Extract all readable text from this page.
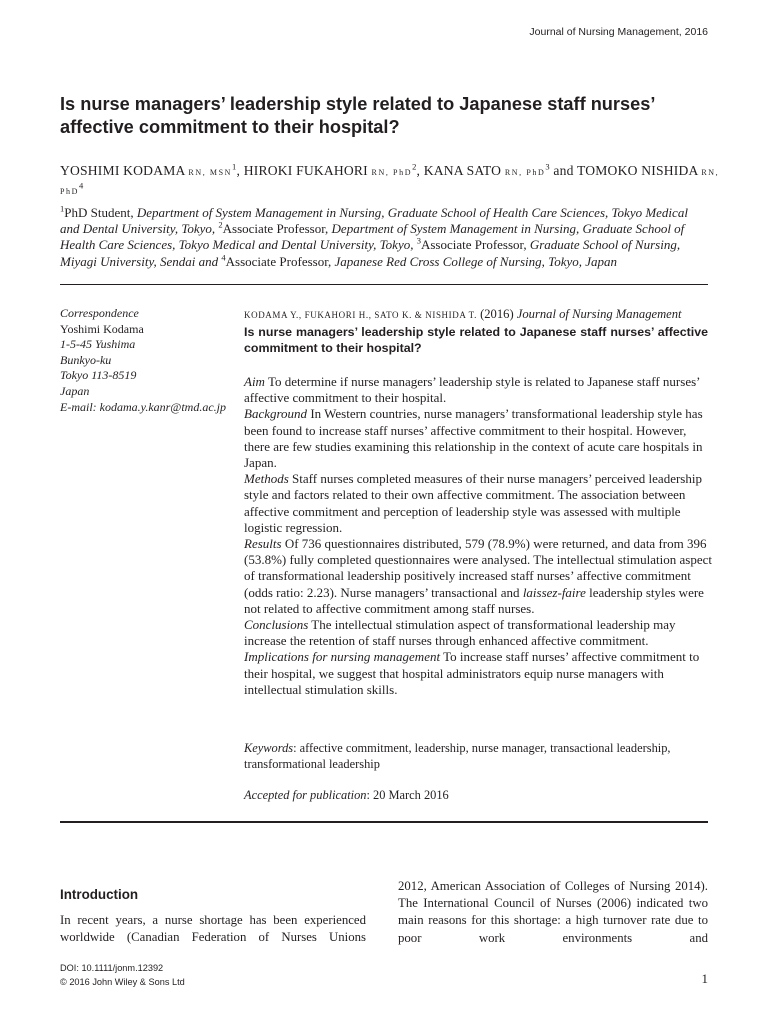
Journal of Nursing Management, 2016
Is nurse managers’ leadership style related to Japanese staff nurses’ affective commitment to their hospital?
YOSHIMI KODAMA RN, MSN$^1$, HIROKI FUKAHORI RN, PhD$^2$, KANA SATO RN, PhD$^3$ and TOMOKO NISHIDA RN, PhD$^4$
$^1$PhD Student, Department of System Management in Nursing, Graduate School of Health Care Sciences, Tokyo Medical and Dental University, Tokyo, $^2$Associate Professor, Department of System Management in Nursing, Graduate School of Health Care Sciences, Tokyo Medical and Dental University, Tokyo, $^3$Associate Professor, Graduate School of Nursing, Miyagi University, Sendai and $^4$Associate Professor, Japanese Red Cross College of Nursing, Tokyo, Japan
Correspondence
Yoshimi Kodama
1-5-45 Yushima
Bunkyo-ku
Tokyo 113-8519
Japan
E-mail: kodama.y.kanr@tmd.ac.jp
KODAMA Y., FUKAHORI H., SATO K. & NISHIDA T. (2016) Journal of Nursing Management
Is nurse managers’ leadership style related to Japanese staff nurses’ affective commitment to their hospital?

Aim To determine if nurse managers’ leadership style is related to Japanese staff nurses’ affective commitment to their hospital.

Background In Western countries, nurse managers’ transformational leadership style has been found to increase staff nurses’ affective commitment to their hospital. However, there are few studies examining this relationship in the context of acute care hospitals in Japan.

Methods Staff nurses completed measures of their nurse managers’ perceived leadership style and factors related to their own affective commitment. The association between affective commitment and perception of leadership style was assessed with multiple logistic regression.

Results Of 736 questionnaires distributed, 579 (78.9%) were returned, and data from 396 (53.8%) fully completed questionnaires were analysed. The intellectual stimulation aspect of transformational leadership positively increased staff nurses’ affective commitment (odds ratio: 2.23). Nurse managers’ transactional and laissez-faire leadership styles were not related to affective commitment among staff nurses.

Conclusions The intellectual stimulation aspect of transformational leadership may increase the retention of staff nurses through enhanced affective commitment.

Implications for nursing management To increase staff nurses’ affective commitment to their hospital, we suggest that hospital administrators equip nurse managers with intellectual stimulation skills.

Keywords: affective commitment, leadership, nurse manager, transactional leadership, transformational leadership
Accepted for publication: 20 March 2016
Introduction
In recent years, a nurse shortage has been experienced worldwide (Canadian Federation of Nurses Unions
2012, American Association of Colleges of Nursing 2014). The International Council of Nurses (2006) indicated two main reasons for this shortage: a high turnover rate due to poor work environments and
DOI: 10.1111/jonm.12392
© 2016 John Wiley & Sons Ltd	1
